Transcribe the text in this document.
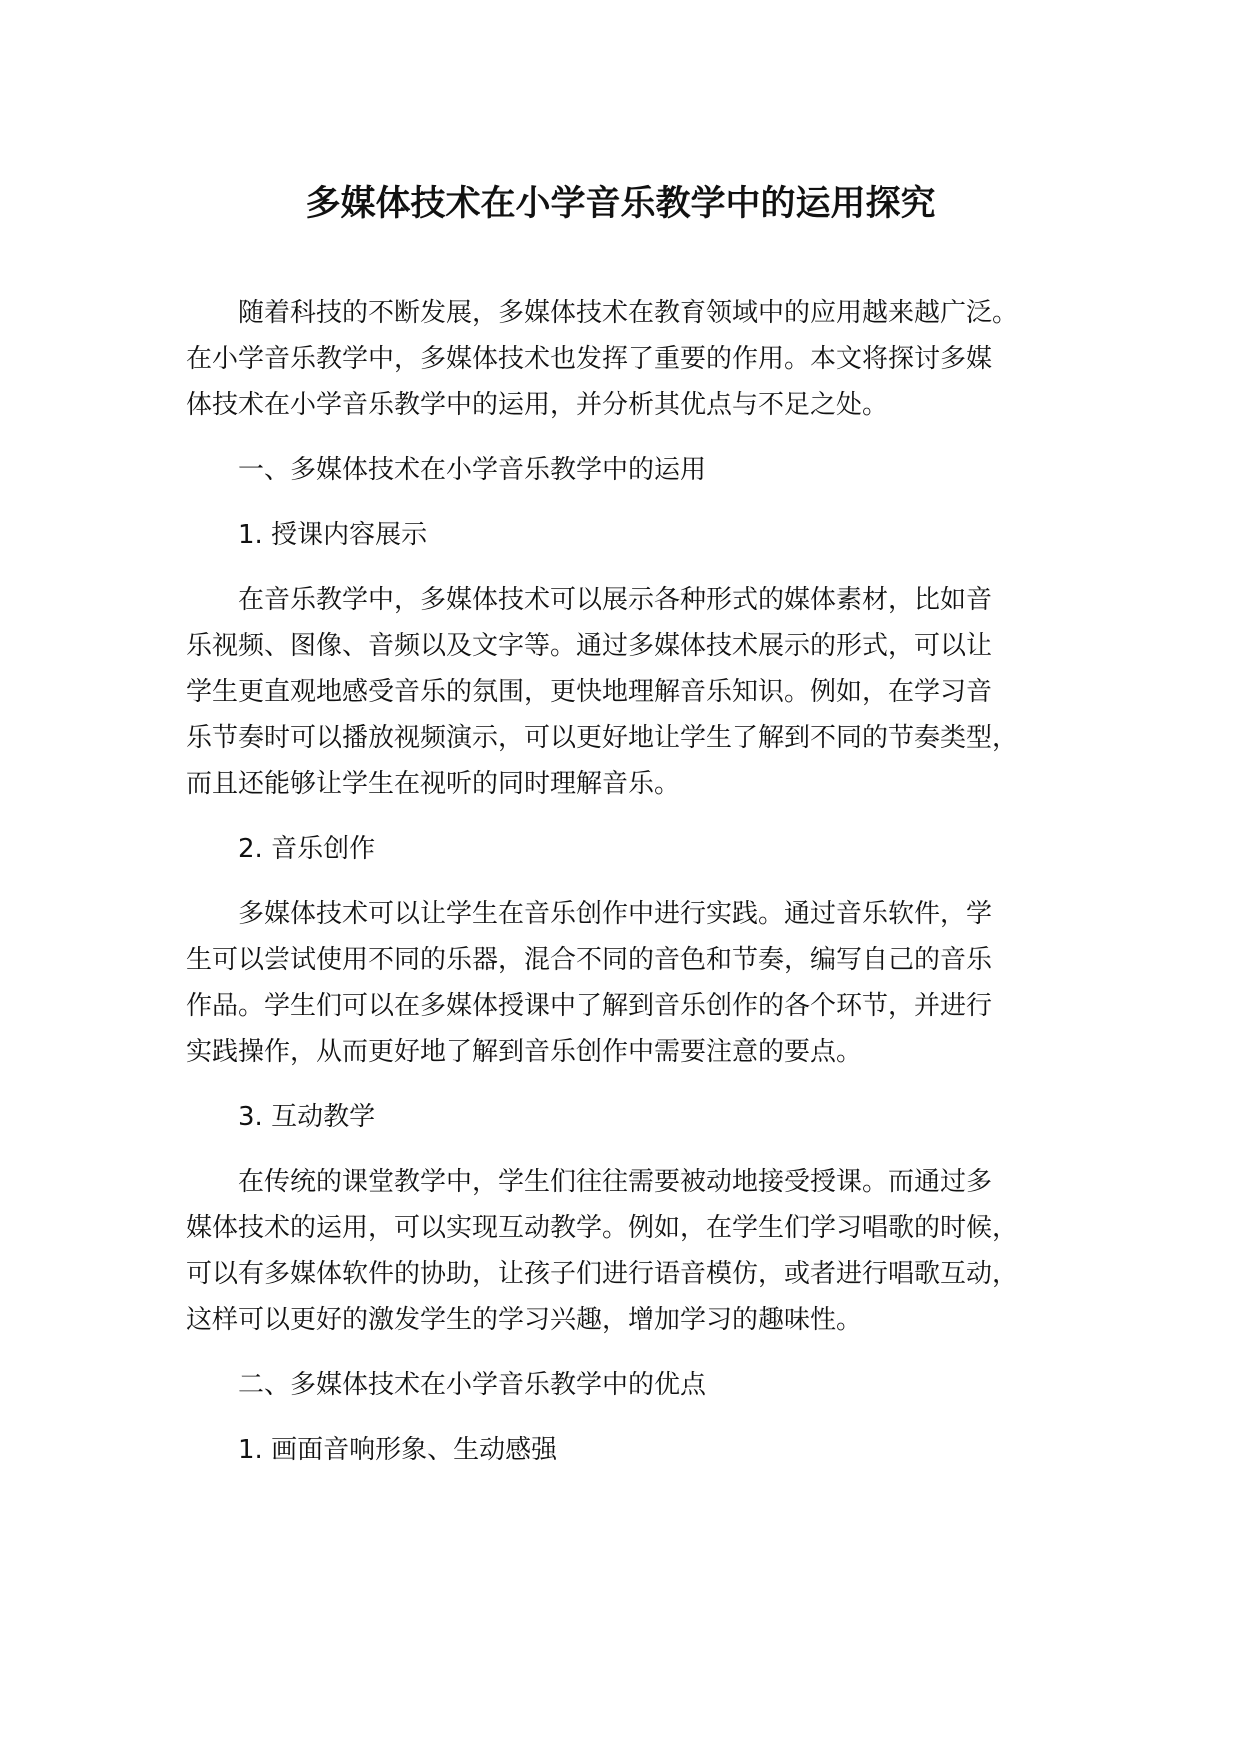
多媒体技术在小学音乐教学中的运用探究

随着科技的不断发展，多媒体技术在教育领域中的应用越来越广泛。
在小学音乐教学中，多媒体技术也发挥了重要的作用。本文将探讨多媒
体技术在小学音乐教学中的运用，并分析其优点与不足之处。

一、多媒体技术在小学音乐教学中的运用

1. 授课内容展示

在音乐教学中，多媒体技术可以展示各种形式的媒体素材，比如音
乐视频、图像、音频以及文字等。通过多媒体技术展示的形式，可以让
学生更直观地感受音乐的氛围，更快地理解音乐知识。例如，在学习音
乐节奏时可以播放视频演示，可以更好地让学生了解到不同的节奏类型，
而且还能够让学生在视听的同时理解音乐。

2. 音乐创作

多媒体技术可以让学生在音乐创作中进行实践。通过音乐软件，学
生可以尝试使用不同的乐器，混合不同的音色和节奏，编写自己的音乐
作品。学生们可以在多媒体授课中了解到音乐创作的各个环节，并进行
实践操作，从而更好地了解到音乐创作中需要注意的要点。

3. 互动教学

在传统的课堂教学中，学生们往往需要被动地接受授课。而通过多
媒体技术的运用，可以实现互动教学。例如，在学生们学习唱歌的时候，
可以有多媒体软件的协助，让孩子们进行语音模仿，或者进行唱歌互动，
这样可以更好的激发学生的学习兴趣，增加学习的趣味性。

二、多媒体技术在小学音乐教学中的优点

1. 画面音响形象、生动感强
